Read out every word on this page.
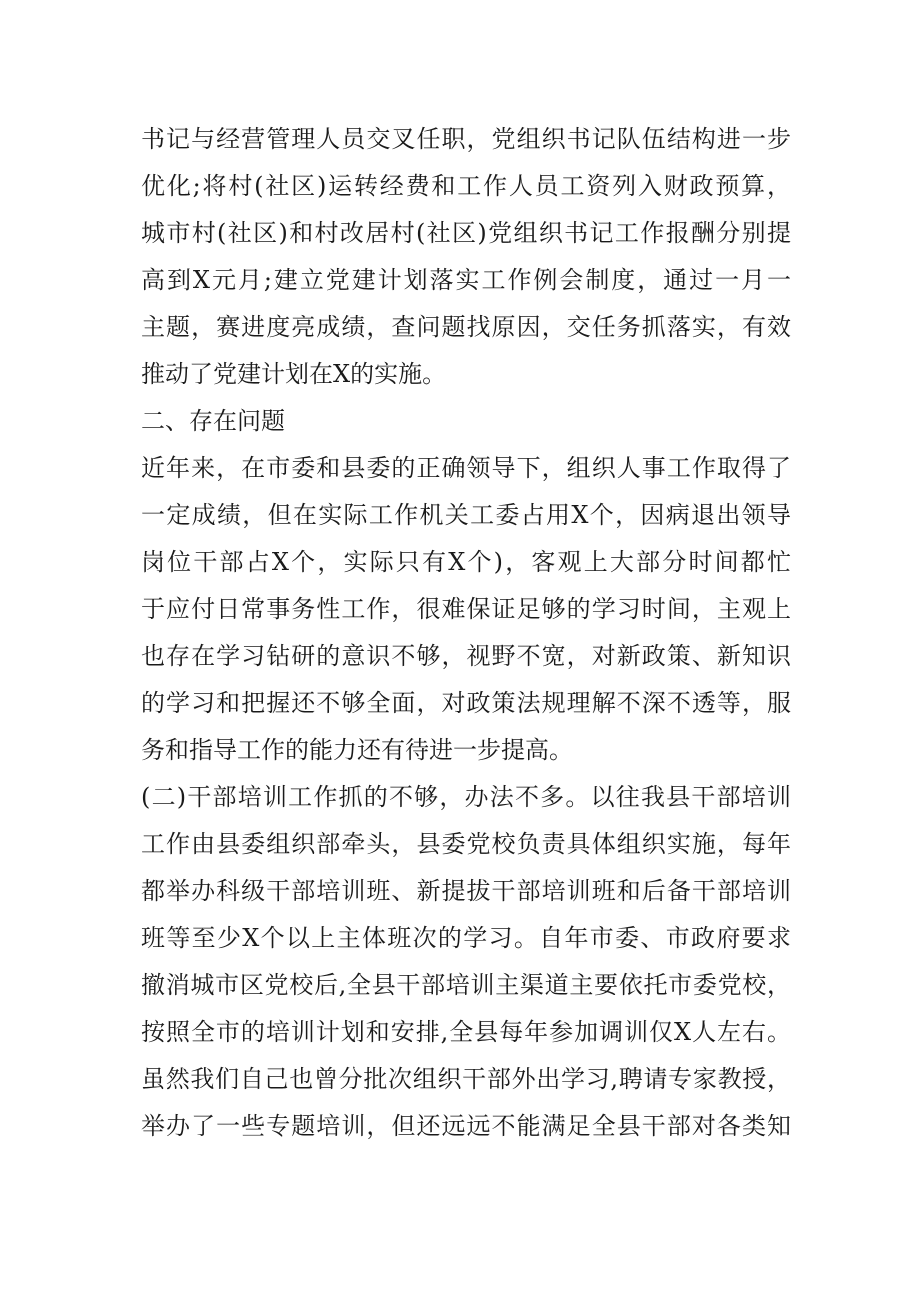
书记与经营管理人员交叉任职，党组织书记队伍结构进一步
优化;将村(社区)运转经费和工作人员工资列入财政预算，
城市村(社区)和村改居村(社区)党组织书记工作报酬分别提
高到X元月;建立党建计划落实工作例会制度，通过一月一
主题，赛进度亮成绩，查问题找原因，交任务抓落实，有效
推动了党建计划在X的实施。
二、存在问题
近年来，在市委和县委的正确领导下，组织人事工作取得了
一定成绩，但在实际工作机关工委占用X个，因病退出领导
岗位干部占X个，实际只有X个)，客观上大部分时间都忙
于应付日常事务性工作，很难保证足够的学习时间，主观上
也存在学习钻研的意识不够，视野不宽，对新政策、新知识
的学习和把握还不够全面，对政策法规理解不深不透等，服
务和指导工作的能力还有待进一步提高。
(二)干部培训工作抓的不够，办法不多。以往我县干部培训
工作由县委组织部牵头，县委党校负责具体组织实施，每年
都举办科级干部培训班、新提拔干部培训班和后备干部培训
班等至少X个以上主体班次的学习。自年市委、市政府要求
撤消城市区党校后,全县干部培训主渠道主要依托市委党校，
按照全市的培训计划和安排,全县每年参加调训仅X人左右。
虽然我们自己也曾分批次组织干部外出学习,聘请专家教授，
举办了一些专题培训，但还远远不能满足全县干部对各类知
